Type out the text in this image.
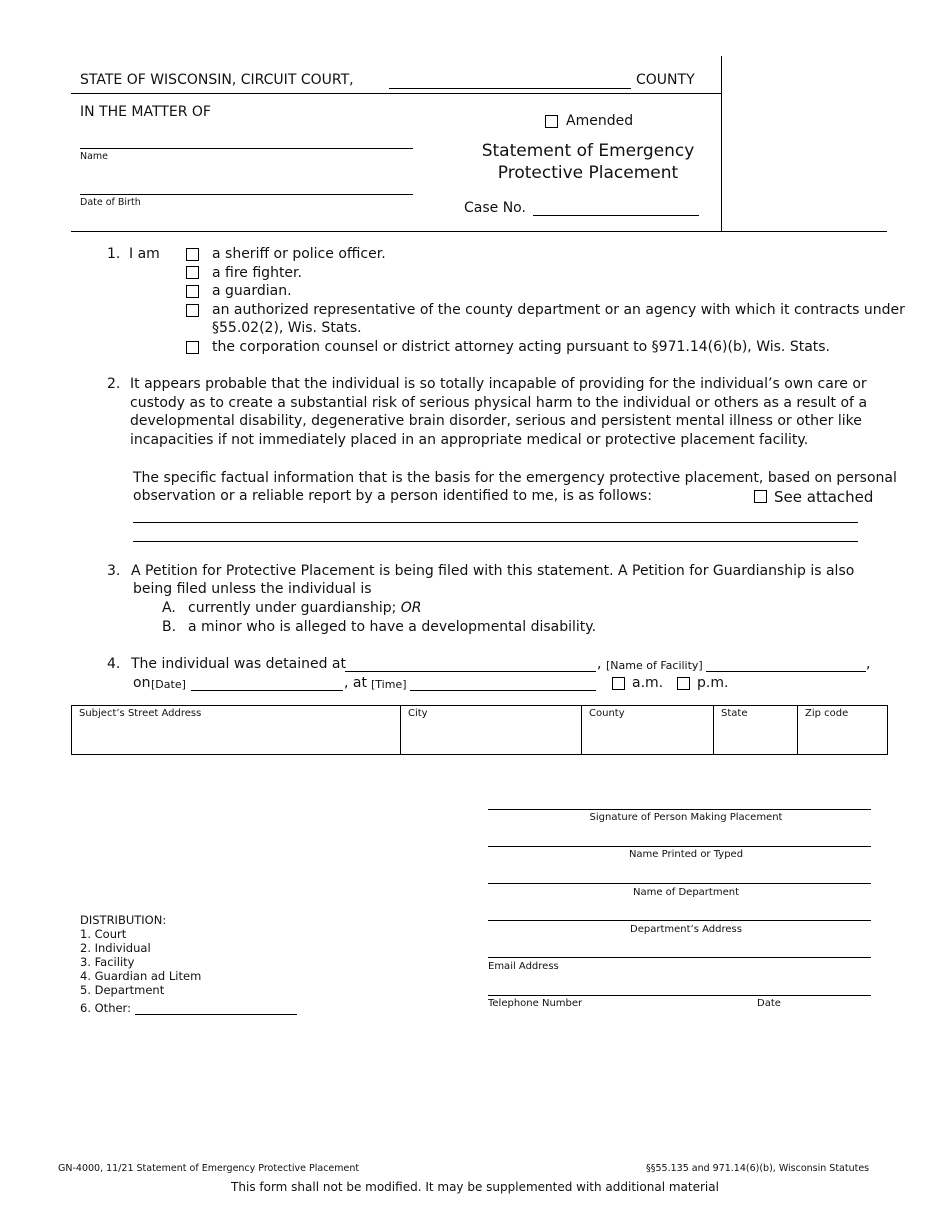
STATE OF WISCONSIN, CIRCUIT COURT,	COUNTY
IN THE MATTER OF
Name
Date of Birth
Amended
Statement of Emergency
Protective Placement
Case No.
1. I am	a sheriff or police officer.
a fire fighter.
a guardian.
an authorized representative of the county department or an agency with which it contracts under
§55.02(2), Wis. Stats.
the corporation counsel or district attorney acting pursuant to §971.14(6)(b), Wis. Stats.
2. It appears probable that the individual is so totally incapable of providing for the individual’s own care or
custody as to create a substantial risk of serious physical harm to the individual or others as a result of a
developmental disability, degenerative brain disorder, serious and persistent mental illness or other like
incapacities if not immediately placed in an appropriate medical or protective placement facility.
The specific factual information that is the basis for the emergency protective placement, based on personal
observation or a reliable report by a person identified to me, is as follows:	See attached
3. A Petition for Protective Placement is being filed with this statement. A Petition for Guardianship is also
being filed unless the individual is
A. currently under guardianship; OR
B. a minor who is alleged to have a developmental disability.
4. The individual was detained at	, [Name of Facility]	,
on [Date]	, at [Time]	a.m. p.m.
Subject’s Street Address	City	County	State	Zip code
Signature of Person Making Placement
Name Printed or Typed
Name of Department
Department’s Address
Email Address
Telephone Number	Date
DISTRIBUTION:
1. Court
2. Individual
3. Facility
4. Guardian ad Litem
5. Department
6. Other:
GN-4000, 11/21 Statement of Emergency Protective Placement	§§55.135 and 971.14(6)(b), Wisconsin Statutes
This form shall not be modified. It may be supplemented with additional material
